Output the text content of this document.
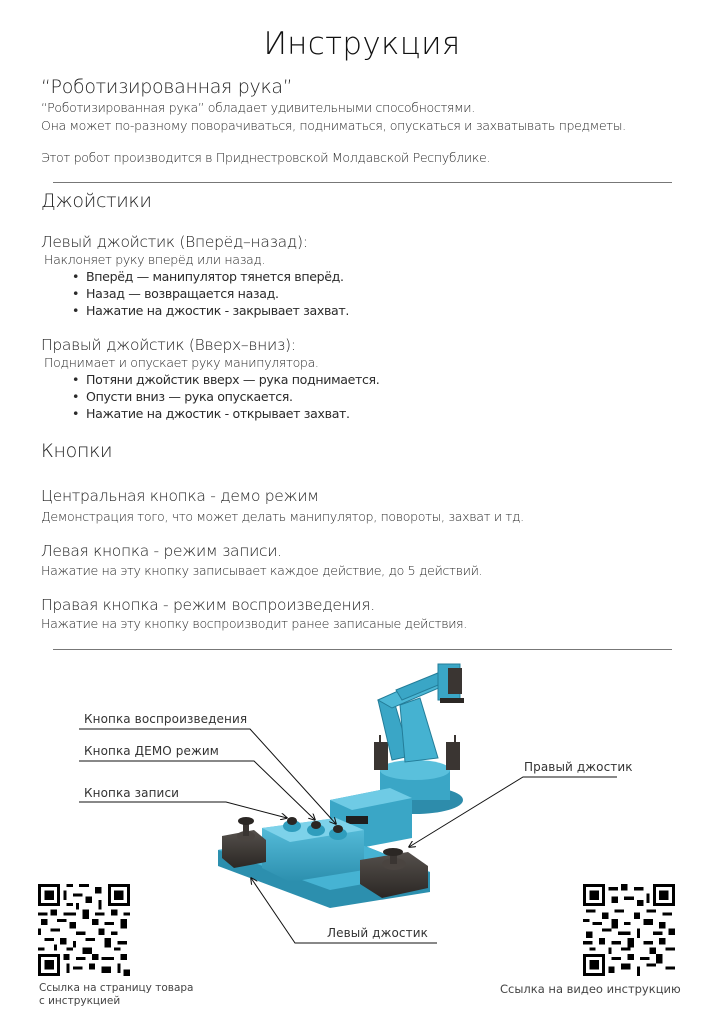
Инструкция
“Роботизированная рука”
“Роботизированная рука” обладает удивительными способностями.
Она может по-разному поворачиваться, подниматься, опускаться и захватывать предметы.
Этот робот производится в Приднестровской Молдавской Республике.
Джойстики
Левый джойстик (Вперёд–назад):
Наклоняет руку вперёд или назад.
• Вперёд — манипулятор тянется вперёд.
• Назад — возвращается назад.
• Нажатие на джостик - закрывает захват.
Правый джойстик (Вверх–вниз):
Поднимает и опускает руку манипулятора.
• Потяни джойстик вверх — рука поднимается.
• Опусти вниз — рука опускается.
• Нажатие на джостик - открывает захват.
Кнопки
Центральная кнопка - демо режим
Демонстрация того, что может делать манипулятор, повороты, захват и тд.
Левая кнопка - режим записи.
Нажатие на эту кнопку записывает каждое действие, до 5 действий.
Правая кнопка - режим воспроизведения.
Нажатие на эту кнопку воспроизводит ранее записаные действия.
Кнопка воспроизведения
Кнопка ДЕМО режим
Кнопка записи
Правый джостик
Левый джостик
Ссылка на страницу товара
с инструкцией
Ссылка на видео инструкцию
